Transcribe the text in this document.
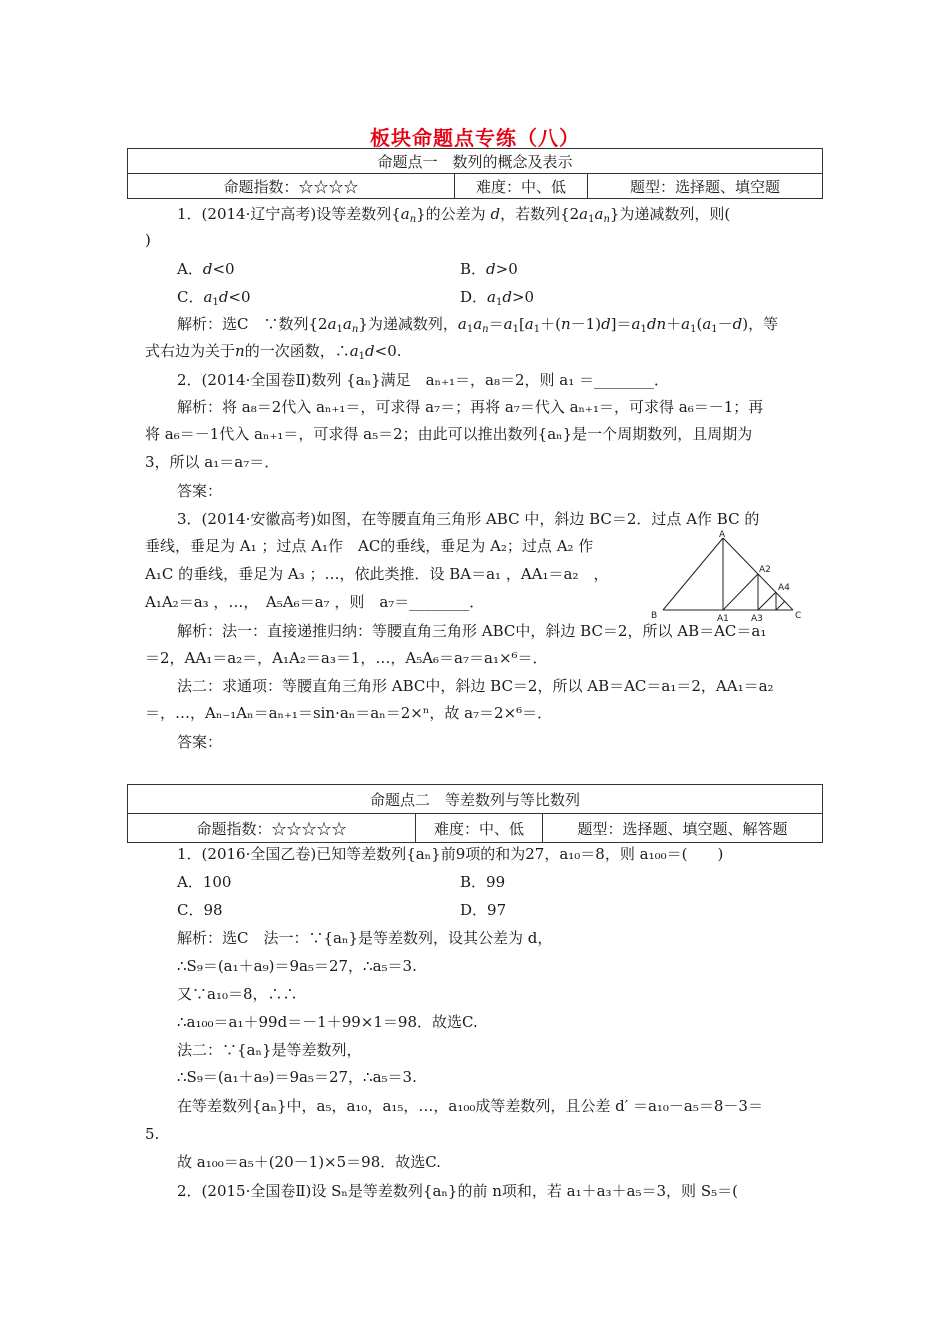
板块命题点专练（八）
命题点一　数列的概念及表示
命题指数：☆☆☆☆	难度：中、低	题型：选择题、填空题
1．(2014·辽宁高考)设等差数列$\{a_n\}$的公差为 d，若数列$\{2a_1a_n\}$为递减数列，则(
)
A．d<0	B．d>0
C．$a_1d<0$	D．$a_1d>0$
解析：选C　∵数列$\{2a_1a_n\}$为递减数列，$a_1a_n=a_1[a_1+(n-1)d]=a_1dn+a_1(a_1-d)$，等
式右边为关于n的一次函数，$\therefore a_1d<0$.
2．(2014·全国卷Ⅱ)数列 {aₙ}满足　aₙ₊₁＝，a₈＝2，则 a₁ ＝________．
解析：将 a₈＝2代入 aₙ₊₁＝，可求得 a₇＝；再将 a₇＝代入 aₙ₊₁＝，可求得 a₆＝－1；再
将 a₆＝－1代入 aₙ₊₁＝，可求得 a₅＝2；由此可以推出数列{aₙ}是一个周期数列，且周期为
3，所以 a₁＝a₇＝．
答案：
3．(2014·安徽高考)如图，在等腰直角三角形 ABC 中，斜边 BC＝2．过点 A作 BC 的
垂线，垂足为 A₁ ；过点 A₁作　AC的垂线，垂足为 A₂；过点 A₂ 作
A₁C 的垂线，垂足为 A₃ ；…，依此类推．设 BA＝a₁ ，AA₁＝a₂　，
A₁A₂＝a₃ ，…，　A₅A₆＝a₇ ，则　a₇＝________．
A
B	C
A1
A2
A3
A4
解析：法一：直接递推归纳：等腰直角三角形 ABC中，斜边 BC＝2，所以 AB＝AC＝a₁
＝2，AA₁＝a₂＝，A₁A₂＝a₃＝1，…，A₅A₆＝a₇＝a₁×⁶＝．
法二：求通项：等腰直角三角形 ABC中，斜边 BC＝2，所以 AB＝AC＝a₁＝2，AA₁＝a₂
＝，…，Aₙ₋₁Aₙ＝aₙ₊₁＝sin·aₙ＝aₙ＝2×ⁿ，故 a₇＝2×⁶＝．
答案：
命题点二　等差数列与等比数列
命题指数：☆☆☆☆☆	难度：中、低	题型：选择题、填空题、解答题
1．(2016·全国乙卷)已知等差数列{aₙ}前9项的和为27，a₁₀＝8，则 a₁₀₀＝(　　)
A．100	B．99
C．98	D．97
解析：选C　法一：∵{aₙ}是等差数列，设其公差为 d，
∴S₉＝(a₁＋a₉)＝9a₅＝27，∴a₅＝3.
又∵a₁₀＝8，∴∴
∴a₁₀₀＝a₁＋99d＝－1＋99×1＝98．故选C.
法二：∵{aₙ}是等差数列，
∴S₉＝(a₁＋a₉)＝9a₅＝27，∴a₅＝3.
在等差数列{aₙ}中，a₅，a₁₀，a₁₅，…，a₁₀₀成等差数列，且公差 d′ ＝a₁₀－a₅＝8－3＝
5.
故 a₁₀₀＝a₅＋(20－1)×5＝98．故选C.
2．(2015·全国卷Ⅱ)设 Sₙ是等差数列{aₙ}的前 n项和，若 a₁＋a₃＋a₅＝3，则 S₅＝(
